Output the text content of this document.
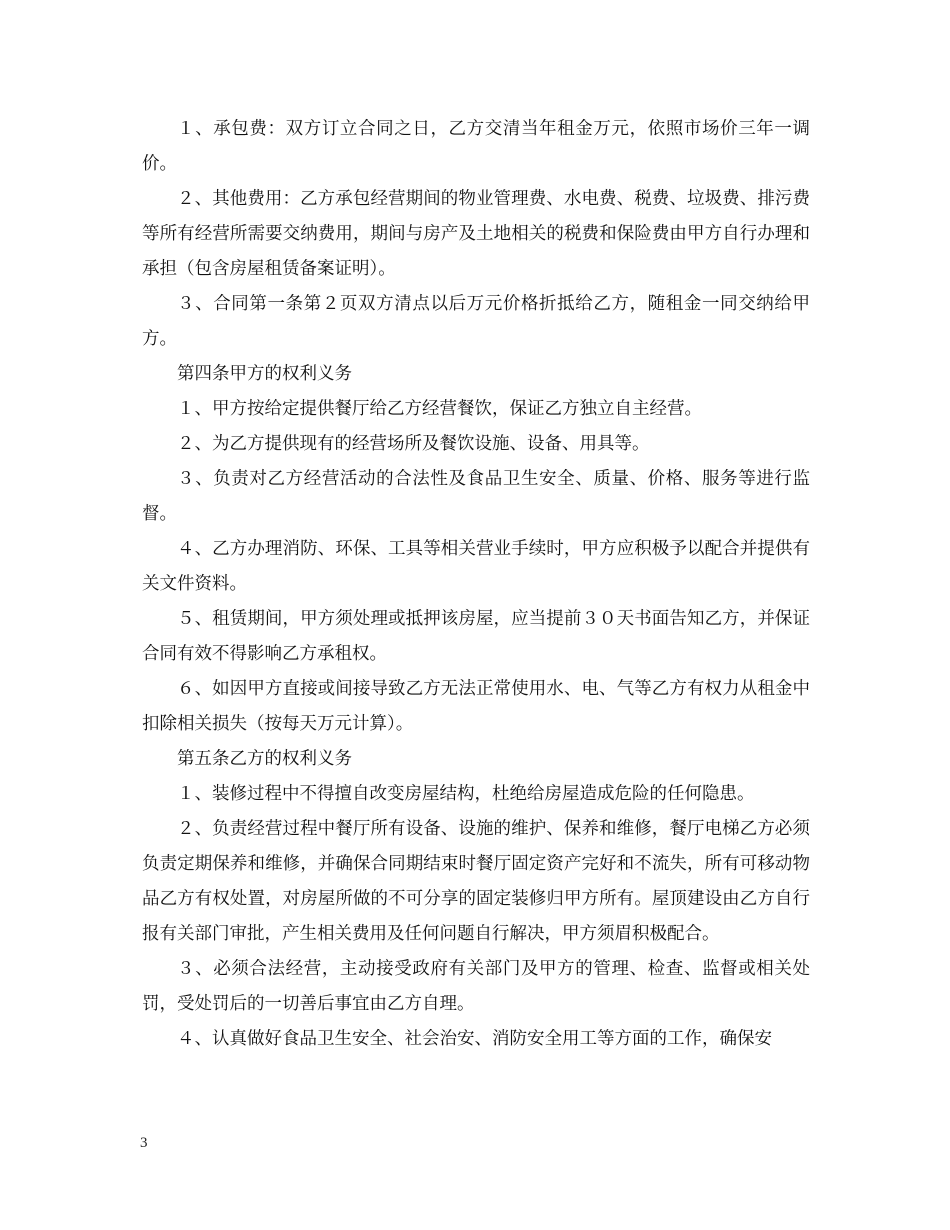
１、承包费：双方订立合同之日，乙方交清当年租金万元，依照市场价三年一调价。

２、其他费用：乙方承包经营期间的物业管理费、水电费、税费、垃圾费、排污费等所有经营所需要交纳费用，期间与房产及土地相关的税费和保险费由甲方自行办理和承担（包含房屋租赁备案证明）。

３、合同第一条第２页双方清点以后万元价格折抵给乙方，随租金一同交纳给甲方。

第四条甲方的权利义务

１、甲方按给定提供餐厅给乙方经营餐饮，保证乙方独立自主经营。

２、为乙方提供现有的经营场所及餐饮设施、设备、用具等。

３、负责对乙方经营活动的合法性及食品卫生安全、质量、价格、服务等进行监督。

４、乙方办理消防、环保、工具等相关营业手续时，甲方应积极予以配合并提供有关文件资料。

５、租赁期间，甲方须处理或抵押该房屋，应当提前３０天书面告知乙方，并保证合同有效不得影响乙方承租权。

６、如因甲方直接或间接导致乙方无法正常使用水、电、气等乙方有权力从租金中扣除相关损失（按每天万元计算）。

第五条乙方的权利义务

１、装修过程中不得擅自改变房屋结构，杜绝给房屋造成危险的任何隐患。

２、负责经营过程中餐厅所有设备、设施的维护、保养和维修，餐厅电梯乙方必须负责定期保养和维修，并确保合同期结束时餐厅固定资产完好和不流失，所有可移动物品乙方有权处置，对房屋所做的不可分享的固定装修归甲方所有。屋顶建设由乙方自行报有关部门审批，产生相关费用及任何问题自行解决，甲方须眉积极配合。

３、必须合法经营，主动接受政府有关部门及甲方的管理、检查、监督或相关处罚，受处罚后的一切善后事宜由乙方自理。

４、认真做好食品卫生安全、社会治安、消防安全用工等方面的工作，确保安

3
